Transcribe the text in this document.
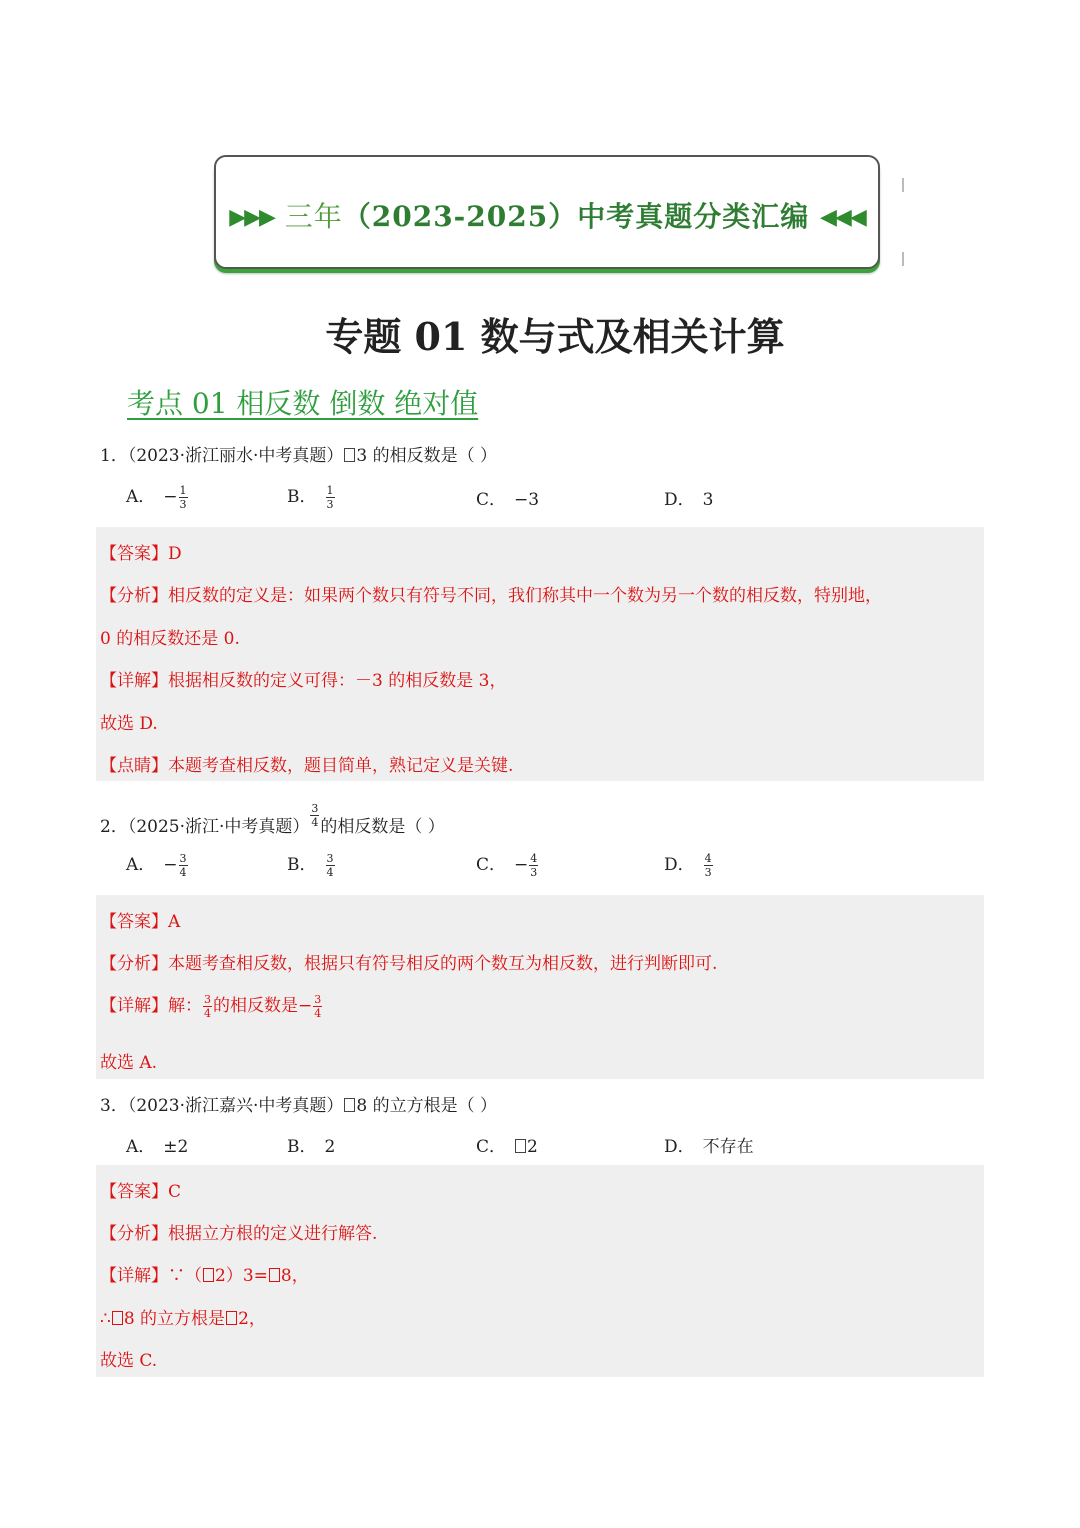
▶▶▶ 三年（2023-2025）中考真题分类汇编 ◀◀◀
专题 01 数与式及相关计算
考点 01 相反数 倒数 绝对值
1．（2023·浙江丽水·中考真题） 3 的相反数是（ ）
A． − $\frac{1}{3}$	B． $\frac{1}{3}$	C． −3	D． 3
【答案】D
【分析】相反数的定义是：如果两个数只有符号不同，我们称其中一个数为另一个数的相反数，特别地，
0 的相反数还是 0.
【详解】根据相反数的定义可得：－3 的相反数是 3，
故选 D.
【点睛】本题考查相反数，题目简单，熟记定义是关键.
2．（2025·浙江·中考真题） $\frac{3}{4}$ 的相反数是（ ）
A． − $\frac{3}{4}$	B． $\frac{3}{4}$	C． − $\frac{4}{3}$	D． $\frac{4}{3}$
【答案】A
【分析】本题考查相反数，根据只有符号相反的两个数互为相反数，进行判断即可.
【详解】解： $\frac{3}{4}$ 的相反数是− $\frac{3}{4}$
故选 A.
3．（2023·浙江嘉兴·中考真题） 8 的立方根是（ ）
A． ±2	B． 2	C． 2	D． 不存在
【答案】C
【分析】根据立方根的定义进行解答.
【详解】∵（ 2）3= 8，
∴ 8 的立方根是 2，
故选 C.
